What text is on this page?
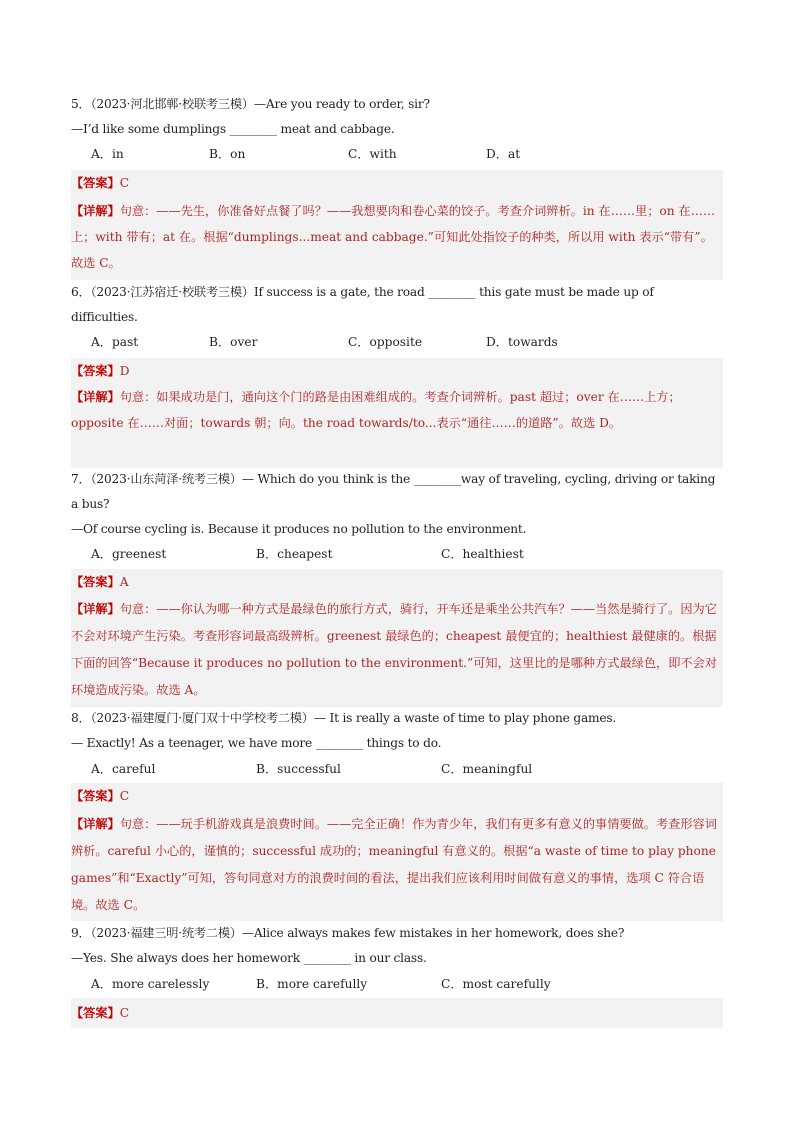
5．（2023·河北邯郸·校联考三模）—Are you ready to order, sir?
—I’d like some dumplings ________ meat and cabbage.
A．in	B．on	C．with	D．at
【答案】C
【详解】句意：——先生，你准备好点餐了吗？——我想要肉和卷心菜的饺子。考查介词辨析。in 在……里；on 在……上；with 带有；at 在。根据“dumplings...meat and cabbage.”可知此处指饺子的种类，所以用 with 表示“带有”。故选 C。
6．（2023·江苏宿迁·校联考三模）If success is a gate, the road ________ this gate must be made up of difficulties.
A．past	B．over	C．opposite	D．towards
【答案】D
【详解】句意：如果成功是门，通向这个门的路是由困难组成的。考查介词辨析。past 超过；over 在……上方；opposite 在……对面；towards 朝；向。the road towards/to...表示“通往……的道路”。故选 D。
7．（2023·山东菏泽·统考三模）— Which do you think is the ________way of traveling, cycling, driving or taking a bus?
—Of course cycling is. Because it produces no pollution to the environment.
A．greenest	B．cheapest	C．healthiest
【答案】A
【详解】句意：——你认为哪一种方式是最绿色的旅行方式，骑行，开车还是乘坐公共汽车？——当然是骑行了。因为它不会对环境产生污染。考查形容词最高级辨析。greenest 最绿色的；cheapest 最便宜的；healthiest 最健康的。根据下面的回答“Because it produces no pollution to the environment.”可知，这里比的是哪种方式最绿色，即不会对环境造成污染。故选 A。
8．（2023·福建厦门·厦门双十中学校考二模）— It is really a waste of time to play phone games.
— Exactly! As a teenager, we have more ________ things to do.
A．careful	B．successful	C．meaningful
【答案】C
【详解】句意：——玩手机游戏真是浪费时间。——完全正确！作为青少年，我们有更多有意义的事情要做。考查形容词辨析。careful 小心的，谨慎的；successful 成功的；meaningful 有意义的。根据“a waste of time to play phone games”和“Exactly”可知，答句同意对方的浪费时间的看法，提出我们应该利用时间做有意义的事情，选项 C 符合语境。故选 C。
9．（2023·福建三明·统考二模）—Alice always makes few mistakes in her homework, does she?
—Yes. She always does her homework ________ in our class.
A．more carelessly	B．more carefully	C．most carefully
【答案】C
